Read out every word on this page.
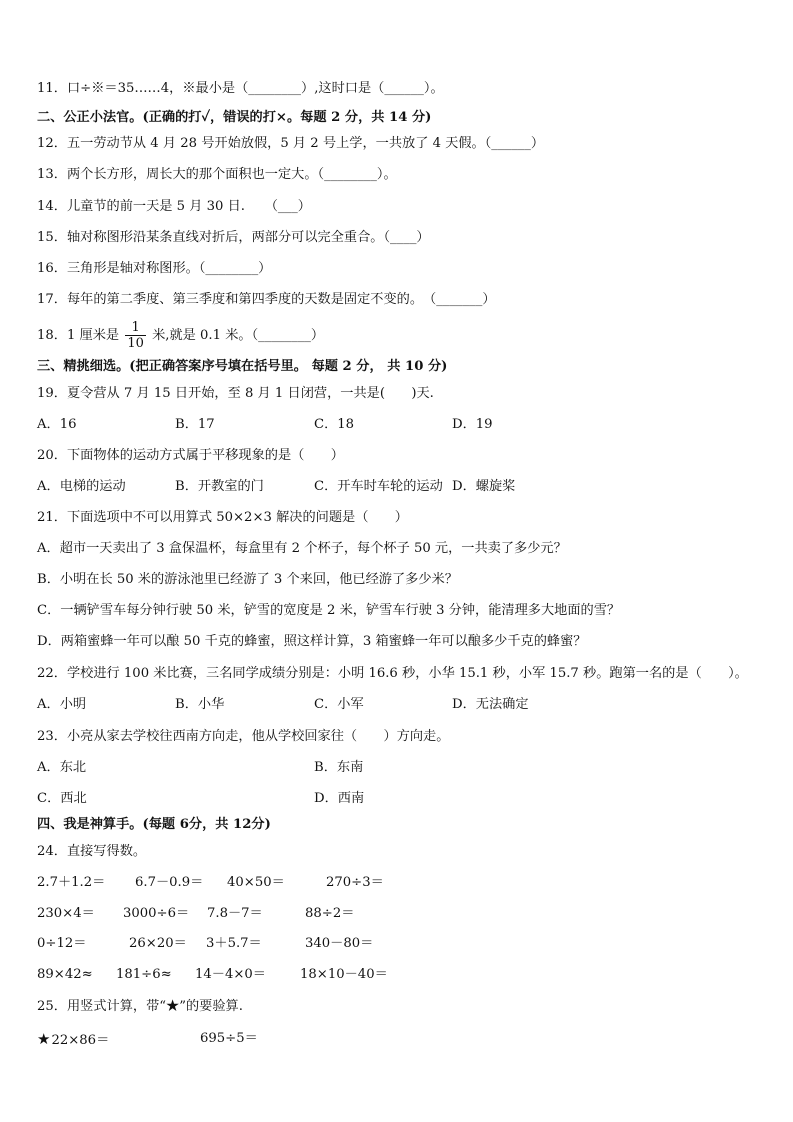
11．口÷※＝35……4，※最小是（________）,这时口是（______）。
二、公正小法官。(正确的打✓，错误的打×。每题 2 分，共 14 分)
12．五一劳动节从 4 月 28 号开始放假，5 月 2 号上学，一共放了 4 天假。（______）
13．两个长方形，周长大的那个面积也一定大。（________）。
14．儿童节的前一天是 5 月 30 日.　　（___）
15．轴对称图形沿某条直线对折后，两部分可以完全重合。（____）
16．三角形是轴对称图形。（________）
17．每年的第二季度、第三季度和第四季度的天数是固定不变的。　（_______）
18．1 厘米是 $\frac{1}{10}$ 米,就是 0.1 米。（________）
三、精挑细选。(把正确答案序号填在括号里。 每题 2 分， 共 10 分)
19．夏令营从 7 月 15 日开始，至 8 月 1 日闭营，一共是(　　)天.
A．16	B．17	C．18	D．19
20．下面物体的运动方式属于平移现象的是（　　）
A．电梯的运动	B．开教室的门	C．开车时车轮的运动 D．螺旋桨
21．下面选项中不可以用算式 50×2×3 解决的问题是（　　）
A．超市一天卖出了 3 盒保温杯，每盒里有 2 个杯子，每个杯子 50 元，一共卖了多少元？
B．小明在长 50 米的游泳池里已经游了 3 个来回，他已经游了多少米？
C．一辆铲雪车每分钟行驶 50 米，铲雪的宽度是 2 米，铲雪车行驶 3 分钟，能清理多大地面的雪？
D．两箱蜜蜂一年可以酿 50 千克的蜂蜜，照这样计算，3 箱蜜蜂一年可以酿多少千克的蜂蜜？
22．学校进行 100 米比赛，三名同学成绩分别是：小明 16.6 秒，小华 15.1 秒，小军 15.7 秒。跑第一名的是（　　）。
A．小明	B．小华	C．小军	D．无法确定
23．小亮从家去学校往西南方向走，他从学校回家往（　　）方向走。
A．东北	B．东南
C．西北	D．西南
四、我是神算手。(每题 6分，共 12分)
24．直接写得数。
2.7＋1.2＝ 6.7－0.9＝ 40×50＝	270÷3＝
230×4＝ 3000÷6＝ 7.8－7＝	88÷2＝
0÷12＝	26×20＝ 3＋5.7＝	340－80＝
89×42≈ 181÷6≈ 14－4×0＝	18×10－40＝
25．用竖式计算，带“★”的要验算.
★22×86＝	695÷5＝
